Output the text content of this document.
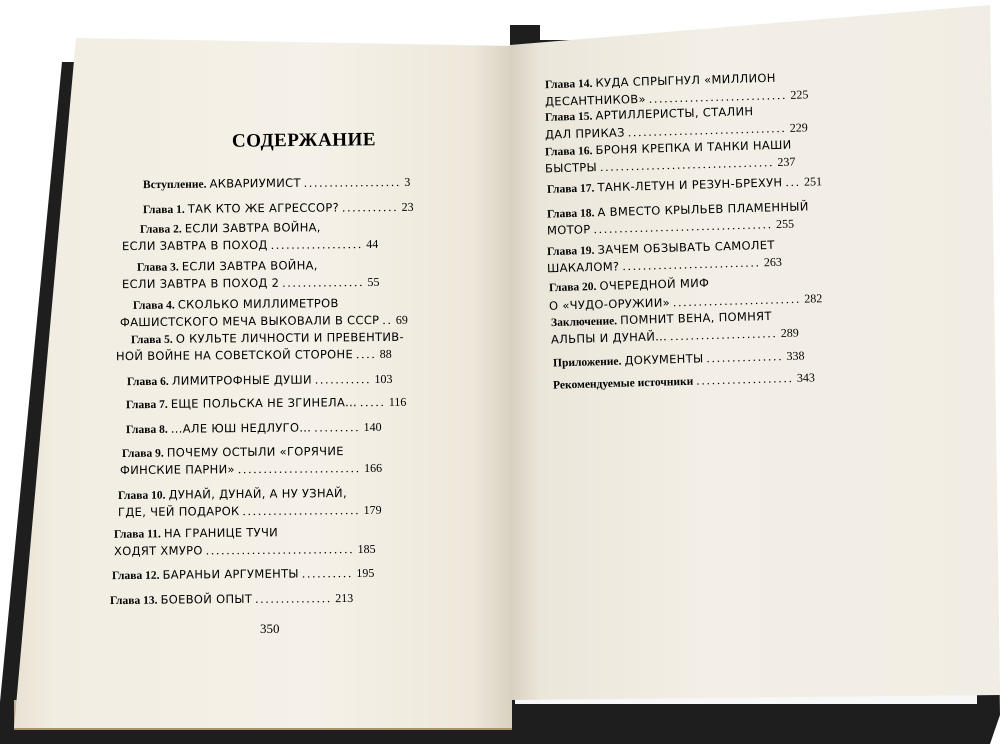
СОДЕРЖАНИЕ
Вступление. АКВАРИУМИСТ ................... 3
Глава 1. ТАК КТО ЖЕ АГРЕССОР? ........... 23
Глава 2. ЕСЛИ ЗАВТРА ВОЙНА,
ЕСЛИ ЗАВТРА В ПОХОД .................. 44
Глава 3. ЕСЛИ ЗАВТРА ВОЙНА,
ЕСЛИ ЗАВТРА В ПОХОД 2 ................ 55
Глава 4. СКОЛЬКО МИЛЛИМЕТРОВ
ФАШИСТСКОГО МЕЧА ВЫКОВАЛИ В СССР .. 69
Глава 5. О КУЛЬТЕ ЛИЧНОСТИ И ПРЕВЕНТИВ-
НОЙ ВОЙНЕ НА СОВЕТСКОЙ СТОРОНЕ .... 88
Глава 6. ЛИМИТРОФНЫЕ ДУШИ ........... 103
Глава 7. ЕЩЕ ПОЛЬСКА НЕ ЗГИНЕЛА... ..... 116
Глава 8. ...АЛЕ ЮШ НЕДЛУГО... ......... 140
Глава 9. ПОЧЕМУ ОСТЫЛИ «ГОРЯЧИЕ
ФИНСКИЕ ПАРНИ» ........................ 166
Глава 10. ДУНАЙ, ДУНАЙ, А НУ УЗНАЙ,
ГДЕ, ЧЕЙ ПОДАРОК ....................... 179
Глава 11. НА ГРАНИЦЕ ТУЧИ
ХОДЯТ ХМУРО ............................. 185
Глава 12. БАРАНЬИ АРГУМЕНТЫ .......... 195
Глава 13. БОЕВОЙ ОПЫТ ............... 213
Глава 14. КУДА СПРЫГНУЛ «МИЛЛИОН
ДЕСАНТНИКОВ» ........................... 225
Глава 15. АРТИЛЛЕРИСТЫ, СТАЛИН
ДАЛ ПРИКАЗ ............................... 229
Глава 16. БРОНЯ КРЕПКА И ТАНКИ НАШИ
БЫСТРЫ .................................. 237
Глава 17. ТАНК-ЛЕТУН И РЕЗУН-БРЕХУН ... 251
Глава 18. А ВМЕСТО КРЫЛЬЕВ ПЛАМЕННЫЙ
МОТОР ................................... 255
Глава 19. ЗАЧЕМ ОБЗЫВАТЬ САМОЛЕТ
ШАКАЛОМ? ........................... 263
Глава 20. ОЧЕРЕДНОЙ МИФ
О «ЧУДО-ОРУЖИИ» ......................... 282
Заключение. ПОМНИТ ВЕНА, ПОМНЯТ
АЛЬПЫ И ДУНАЙ... ..................... 289
Приложение. ДОКУМЕНТЫ ............... 338
Рекомендуемые источники ................... 343
350
